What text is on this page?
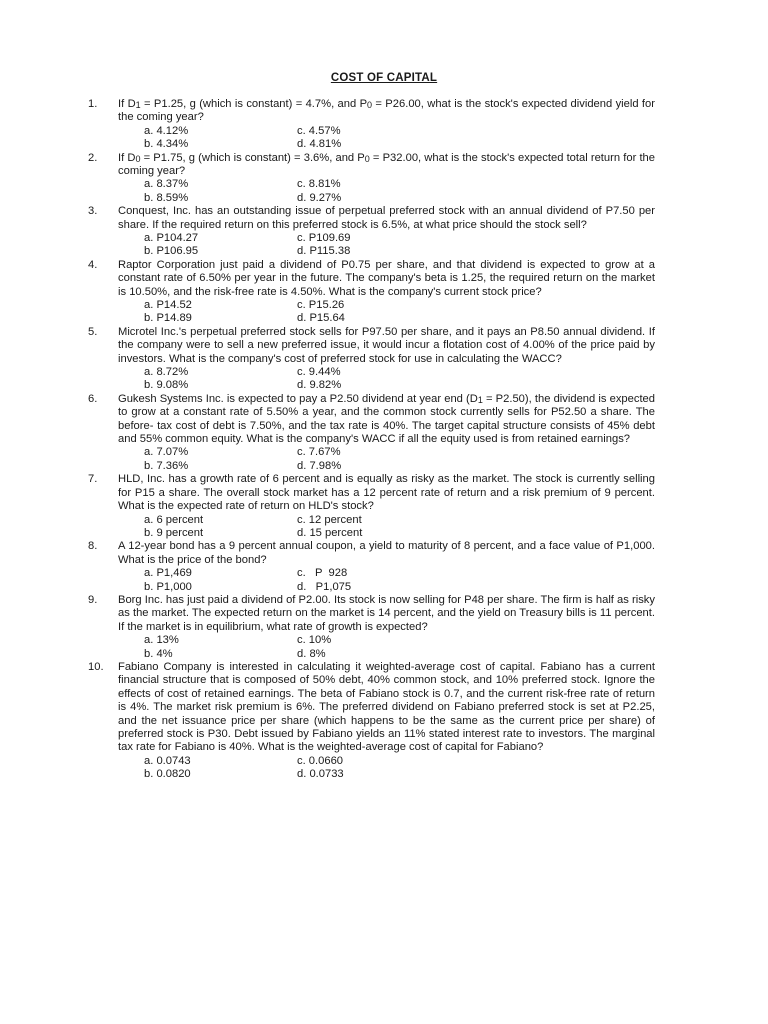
COST OF CAPITAL
1.	If $D_1 = P1.25$, g (which is constant) = 4.7%, and $P_0 = P26.00$, what is the stock's expected dividend yield for the coming year?
a. 4.12%	c. 4.57%
b. 4.34%	d. 4.81%
2.	If $D_0 = P1.75$, g (which is constant) = 3.6%, and $P_0 = P32.00$, what is the stock's expected total return for the coming year?
a. 8.37%	c. 8.81%
b. 8.59%	d. 9.27%
3.	Conquest, Inc. has an outstanding issue of perpetual preferred stock with an annual dividend of P7.50 per share. If the required return on this preferred stock is 6.5%, at what price should the stock sell?
a. P104.27	c. P109.69
b. P106.95	d. P115.38
4.	Raptor Corporation just paid a dividend of P0.75 per share, and that dividend is expected to grow at a constant rate of 6.50% per year in the future. The company's beta is 1.25, the required return on the market is 10.50%, and the risk-free rate is 4.50%. What is the company's current stock price?
a. P14.52	c. P15.26
b. P14.89	d. P15.64
5.	Microtel Inc.'s perpetual preferred stock sells for P97.50 per share, and it pays an P8.50 annual dividend. If the company were to sell a new preferred issue, it would incur a flotation cost of 4.00% of the price paid by investors. What is the company's cost of preferred stock for use in calculating the WACC?
a. 8.72%	c. 9.44%
b. 9.08%	d. 9.82%
6.	Gukesh Systems Inc. is expected to pay a P2.50 dividend at year end $(D_1 = P2.50)$, the dividend is expected to grow at a constant rate of 5.50% a year, and the common stock currently sells for P52.50 a share. The before- tax cost of debt is 7.50%, and the tax rate is 40%. The target capital structure consists of 45% debt and 55% common equity. What is the company's WACC if all the equity used is from retained earnings?
a. 7.07%	c. 7.67%
b. 7.36%	d. 7.98%
7.	HLD, Inc. has a growth rate of 6 percent and is equally as risky as the market. The stock is currently selling for P15 a share. The overall stock market has a 12 percent rate of return and a risk premium of 9 percent. What is the expected rate of return on HLD's stock?
a. 6 percent	c. 12 percent
b. 9 percent	d. 15 percent
8.	A 12-year bond has a 9 percent annual coupon, a yield to maturity of 8 percent, and a face value of P1,000. What is the price of the bond?
a. P1,469	c.   P  928
b. P1,000	d.   P1,075
9.	Borg Inc. has just paid a dividend of P2.00. Its stock is now selling for P48 per share. The firm is half as risky as the market. The expected return on the market is 14 percent, and the yield on Treasury bills is 11 percent. If the market is in equilibrium, what rate of growth is expected?
a. 13%	c. 10%
b. 4%	d. 8%
10.	Fabiano Company is interested in calculating it weighted-average cost of capital. Fabiano has a current financial structure that is composed of 50% debt, 40% common stock, and 10% preferred stock. Ignore the effects of cost of retained earnings. The beta of Fabiano stock is 0.7, and the current risk-free rate of return is 4%. The market risk premium is 6%. The preferred dividend on Fabiano preferred stock is set at P2.25, and the net issuance price per share (which happens to be the same as the current price per share) of preferred stock is P30. Debt issued by Fabiano yields an 11% stated interest rate to investors. The marginal tax rate for Fabiano is 40%. What is the weighted-average cost of capital for Fabiano?
a. 0.0743	c. 0.0660
b. 0.0820	d. 0.0733
